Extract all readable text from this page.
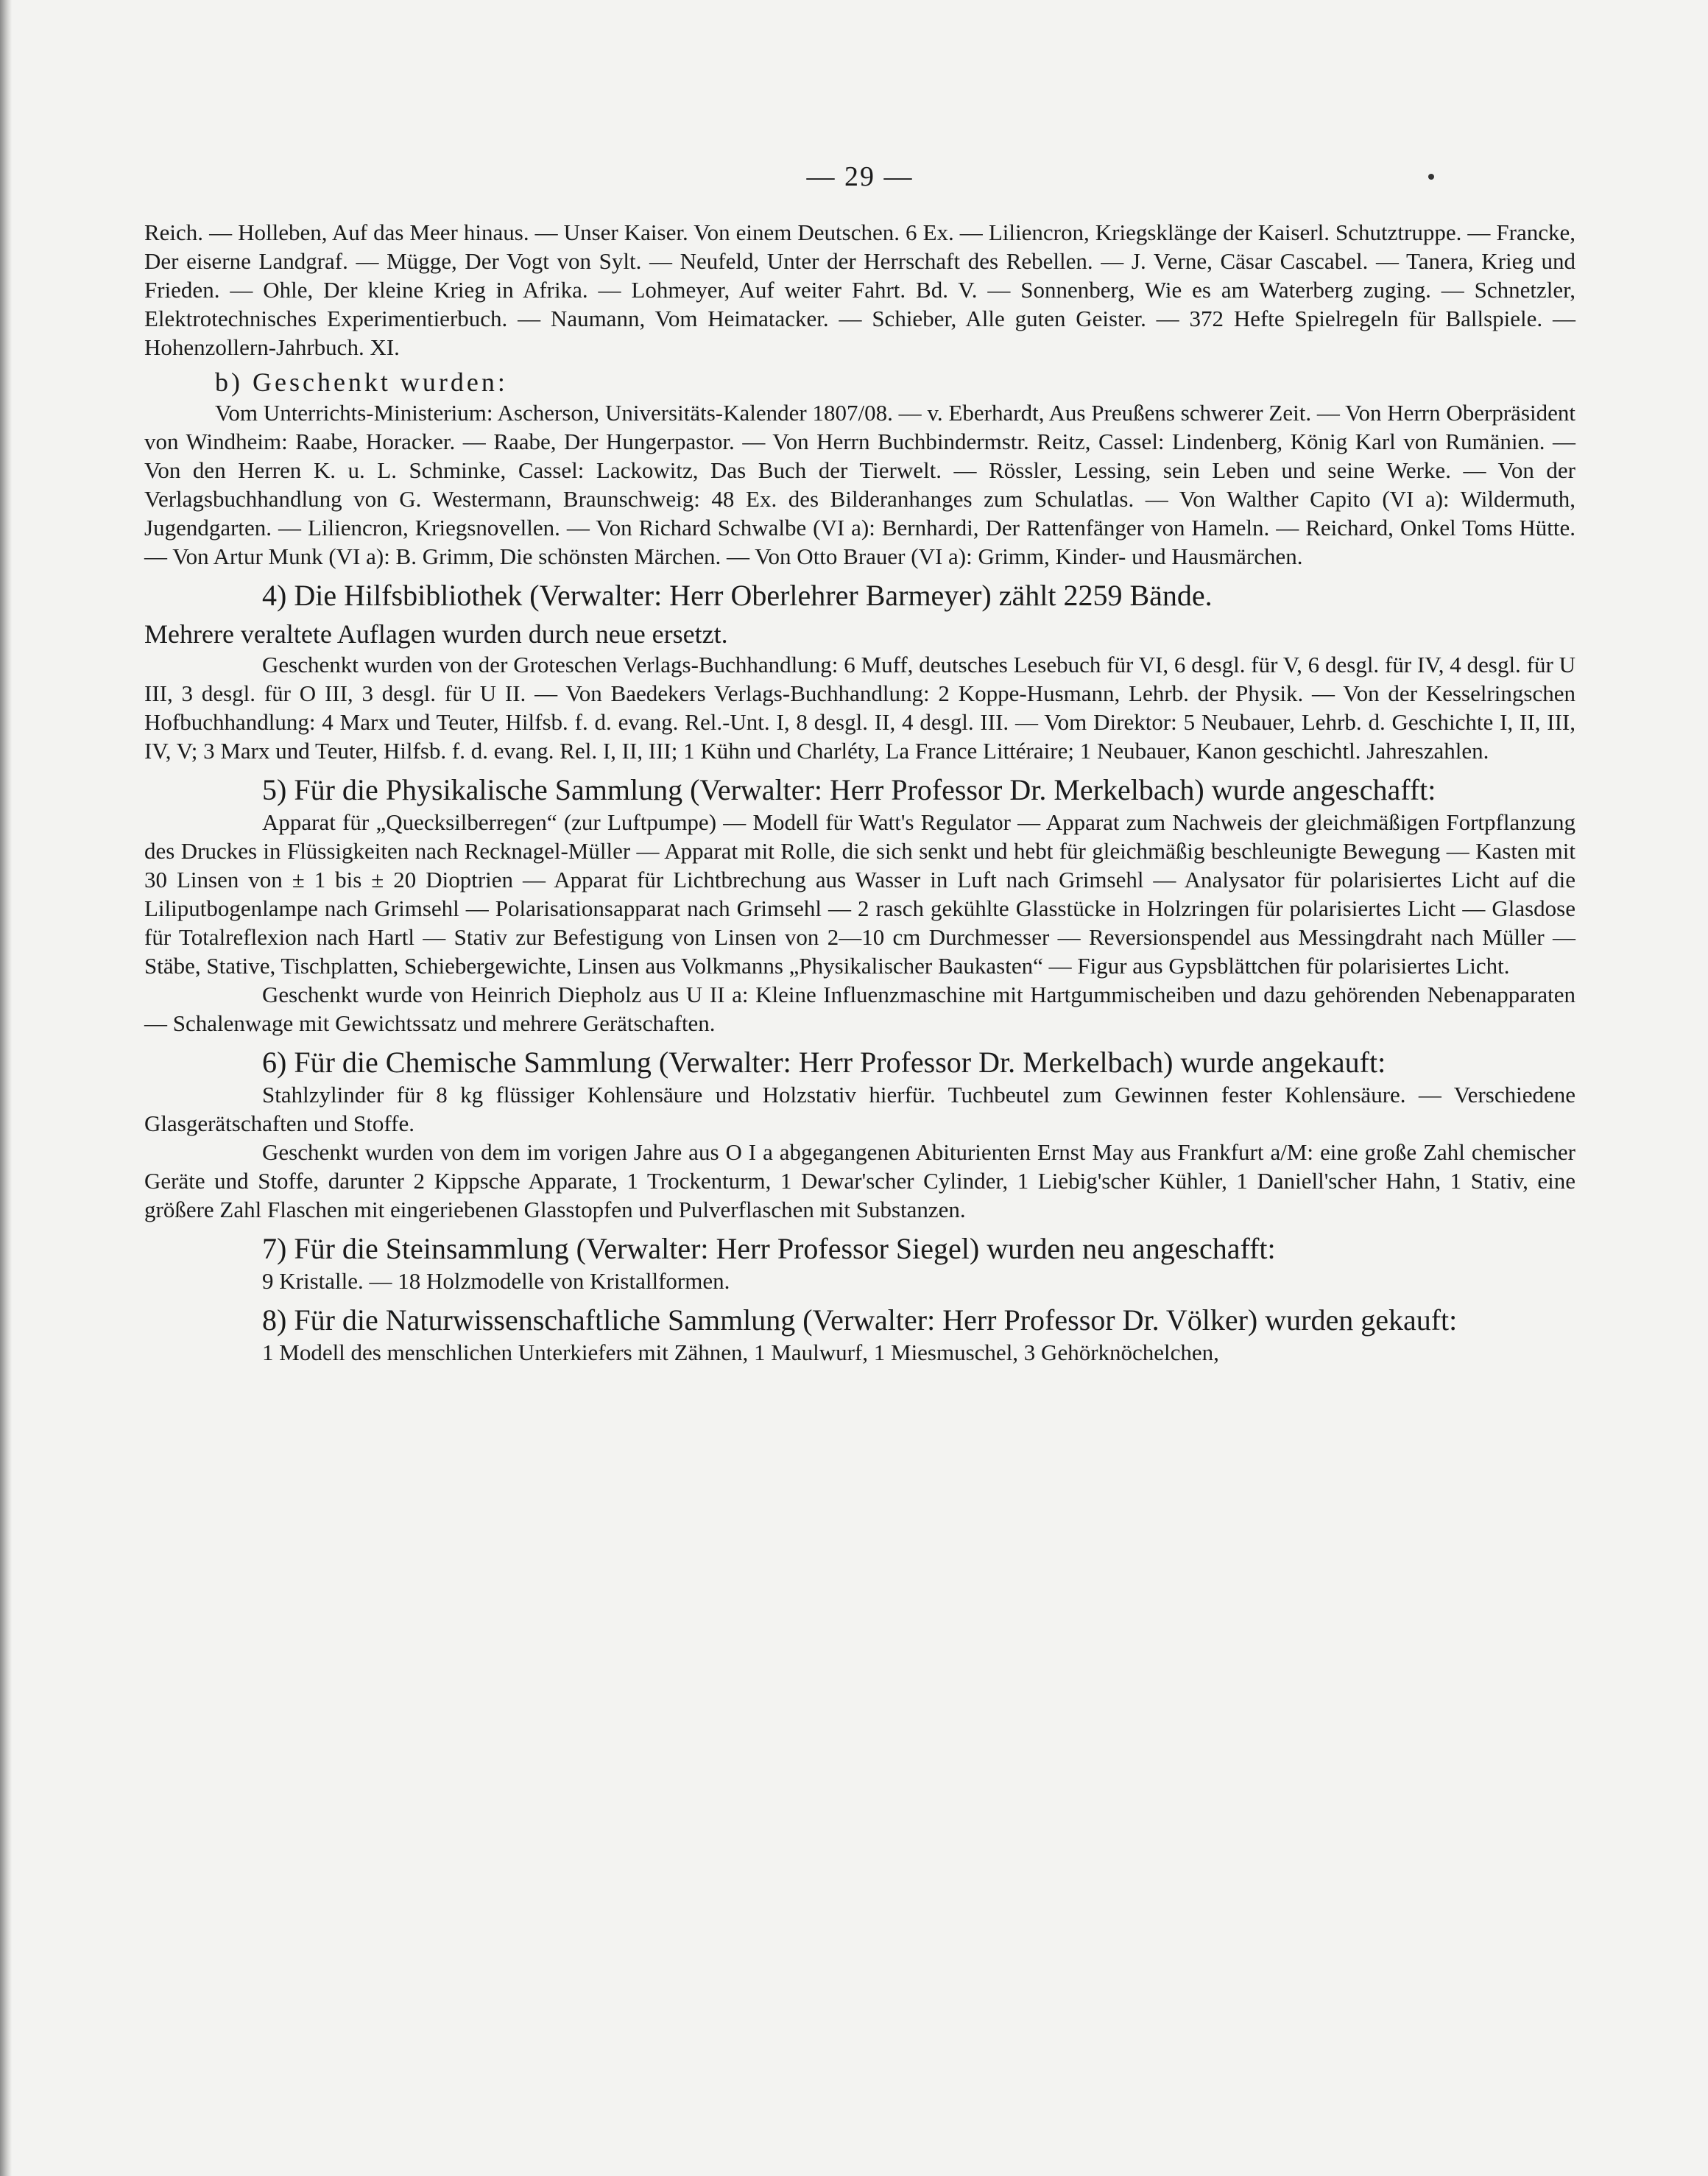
— 29 —

Reich. — Holleben, Auf das Meer hinaus. — Unser Kaiser. Von einem Deutschen. 6 Ex. — Liliencron, Kriegsklänge der Kaiserl. Schutztruppe. — Francke, Der eiserne Landgraf. — Mügge, Der Vogt von Sylt. — Neufeld, Unter der Herrschaft des Rebellen. — J. Verne, Cäsar Cascabel. — Tanera, Krieg und Frieden. — Ohle, Der kleine Krieg in Afrika. — Lohmeyer, Auf weiter Fahrt. Bd. V. — Sonnenberg, Wie es am Waterberg zuging. — Schnetzler, Elektrotechnisches Experimentierbuch. — Naumann, Vom Heimatacker. — Schieber, Alle guten Geister. — 372 Hefte Spielregeln für Ballspiele. — Hohenzollern-Jahrbuch. XI.

b) Geschenkt wurden:

Vom Unterrichts-Ministerium: Ascherson, Universitäts-Kalender 1807/08. — v. Eberhardt, Aus Preußens schwerer Zeit. — Von Herrn Oberpräsident von Windheim: Raabe, Horacker. — Raabe, Der Hungerpastor. — Von Herrn Buchbindermstr. Reitz, Cassel: Lindenberg, König Karl von Rumänien. — Von den Herren K. u. L. Schminke, Cassel: Lackowitz, Das Buch der Tierwelt. — Rössler, Lessing, sein Leben und seine Werke. — Von der Verlagsbuchhandlung von G. Westermann, Braunschweig: 48 Ex. des Bilderanhanges zum Schulatlas. — Von Walther Capito (VI a): Wildermuth, Jugendgarten. — Liliencron, Kriegsnovellen. — Von Richard Schwalbe (VI a): Bernhardi, Der Rattenfänger von Hameln. — Reichard, Onkel Toms Hütte. — Von Artur Munk (VI a): B. Grimm, Die schönsten Märchen. — Von Otto Brauer (VI a): Grimm, Kinder- und Hausmärchen.

4) Die Hilfsbibliothek (Verwalter: Herr Oberlehrer Barmeyer) zählt 2259 Bände.

Mehrere veraltete Auflagen wurden durch neue ersetzt.

Geschenkt wurden von der Groteschen Verlags-Buchhandlung: 6 Muff, deutsches Lesebuch für VI, 6 desgl. für V, 6 desgl. für IV, 4 desgl. für U III, 3 desgl. für O III, 3 desgl. für U II. — Von Baedekers Verlags-Buchhandlung: 2 Koppe-Husmann, Lehrb. der Physik. — Von der Kesselringschen Hofbuchhandlung: 4 Marx und Teuter, Hilfsb. f. d. evang. Rel.-Unt. I, 8 desgl. II, 4 desgl. III. — Vom Direktor: 5 Neubauer, Lehrb. d. Geschichte I, II, III, IV, V; 3 Marx und Teuter, Hilfsb. f. d. evang. Rel. I, II, III; 1 Kühn und Charléty, La France Littéraire; 1 Neubauer, Kanon geschichtl. Jahreszahlen.

5) Für die Physikalische Sammlung (Verwalter: Herr Professor Dr. Merkelbach) wurde angeschafft:

Apparat für „Quecksilberregen“ (zur Luftpumpe) — Modell für Watt's Regulator — Apparat zum Nachweis der gleichmäßigen Fortpflanzung des Druckes in Flüssigkeiten nach Recknagel-Müller — Apparat mit Rolle, die sich senkt und hebt für gleichmäßig beschleunigte Bewegung — Kasten mit 30 Linsen von ± 1 bis ± 20 Dioptrien — Apparat für Lichtbrechung aus Wasser in Luft nach Grimsehl — Analysator für polarisiertes Licht auf die Liliputbogenlampe nach Grimsehl — Polarisationsapparat nach Grimsehl — 2 rasch gekühlte Glasstücke in Holzringen für polarisiertes Licht — Glasdose für Totalreflexion nach Hartl — Stativ zur Befestigung von Linsen von 2—10 cm Durchmesser — Reversionspendel aus Messingdraht nach Müller — Stäbe, Stative, Tischplatten, Schiebergewichte, Linsen aus Volkmanns „Physikalischer Baukasten“ — Figur aus Gypsblättchen für polarisiertes Licht.

Geschenkt wurde von Heinrich Diepholz aus U II a: Kleine Influenzmaschine mit Hartgummischeiben und dazu gehörenden Nebenapparaten — Schalenwage mit Gewichtssatz und mehrere Gerätschaften.

6) Für die Chemische Sammlung (Verwalter: Herr Professor Dr. Merkelbach) wurde angekauft:

Stahlzylinder für 8 kg flüssiger Kohlensäure und Holzstativ hierfür. Tuchbeutel zum Gewinnen fester Kohlensäure. — Verschiedene Glasgerätschaften und Stoffe.

Geschenkt wurden von dem im vorigen Jahre aus O I a abgegangenen Abiturienten Ernst May aus Frankfurt a/M: eine große Zahl chemischer Geräte und Stoffe, darunter 2 Kippsche Apparate, 1 Trockenturm, 1 Dewar'scher Cylinder, 1 Liebig'scher Kühler, 1 Daniell'scher Hahn, 1 Stativ, eine größere Zahl Flaschen mit eingeriebenen Glasstopfen und Pulverflaschen mit Substanzen.

7) Für die Steinsammlung (Verwalter: Herr Professor Siegel) wurden neu angeschafft:

9 Kristalle. — 18 Holzmodelle von Kristallformen.

8) Für die Naturwissenschaftliche Sammlung (Verwalter: Herr Professor Dr. Völker) wurden gekauft:

1 Modell des menschlichen Unterkiefers mit Zähnen, 1 Maulwurf, 1 Miesmuschel, 3 Gehörknöchelchen,
